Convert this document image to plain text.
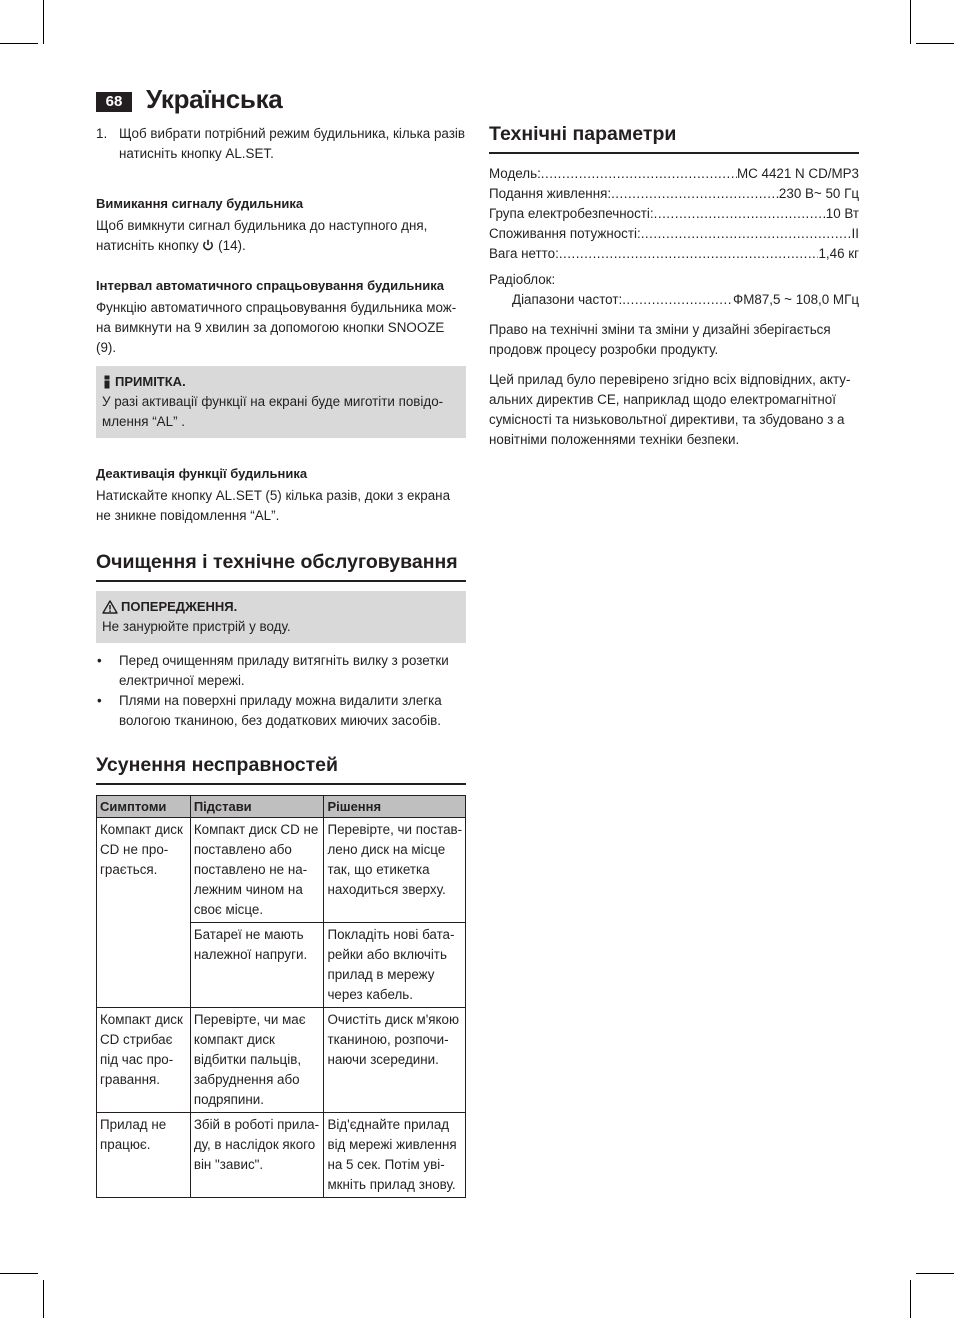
68 Українська
1. Щоб вибрати потрібний режим будильника, кілька разів натисніть кнопку AL.SET.

Вимикання сигналу будильника

Щоб вимкнути сигнал будильника до наступного дня, натисніть кнопку  (14).

Інтервал автоматичного спрацьовування будильника

Функцію автоматичного спрацьовування будильника мож-на вимкнути на 9 хвилин за допомогою кнопки SNOOZE (9).

ПРИМІТКА.

У разі активації функції на екрані буде миготіти повідо-млення “AL” .

Деактивація функції будильника

Натискайте кнопку AL.SET (5) кілька разів, доки з екрана не зникне повідомлення “AL”.

Очищення і технічне обслуговування
ПОПЕРЕДЖЕННЯ.

Не занурюйте пристрій у воду.

• Перед очищенням приладу витягніть вилку з розетки електричної мережі.
• Плями на поверхні приладу можна видалити злегка вологою тканиною, без додаткових миючих засобів.
Усунення несправностей
Симптоми	Підстави	Рішення
Компакт диск CD не про-грається.	Компакт диск CD не поставлено або поставлено не на-лежним чином на своє місце.	Перевірте, чи постав-лено диск на місце так, що етикетка находиться зверху.
	Батареї не мають належної напруги.	Покладіть нові бата-рейки або включіть прилад в мережу через кабель.
Компакт диск CD стрибає під час про-гравання.	Перевірте, чи має компакт диск відбитки пальців, забруднення або подряпини.	Очистіть диск м'якою тканиною, розпочи-наючи зсередини.
Прилад не працює.	Збій в роботі прила-ду, в наслідок якого він "завис".	Від'єднайте прилад від мережі живлення на 5 сек. Потім уві-мкніть прилад знову.
Технічні параметри
Модель: .....	MC 4421 N CD/MP3
Подання живлення: .....	230 В~ 50 Гц
Група електробезпечності: .....	10 Вт
Споживання потужності: .....	II
Вага нетто: .....	1,46 кг

Радіоблок:

Діапазони частот: .....	ФМ87,5 ~ 108,0 МГц

Право на технічні зміни та зміни у дизайні зберігається продовж процесу розробки продукту.

Цей прилад було перевірено згідно всіх відповідних, акту-альних директив CE, наприклад щодо електромагнітної сумісності та низьковольтної директиви, та збудовано з а новітніми положеннями техніки безпеки.
